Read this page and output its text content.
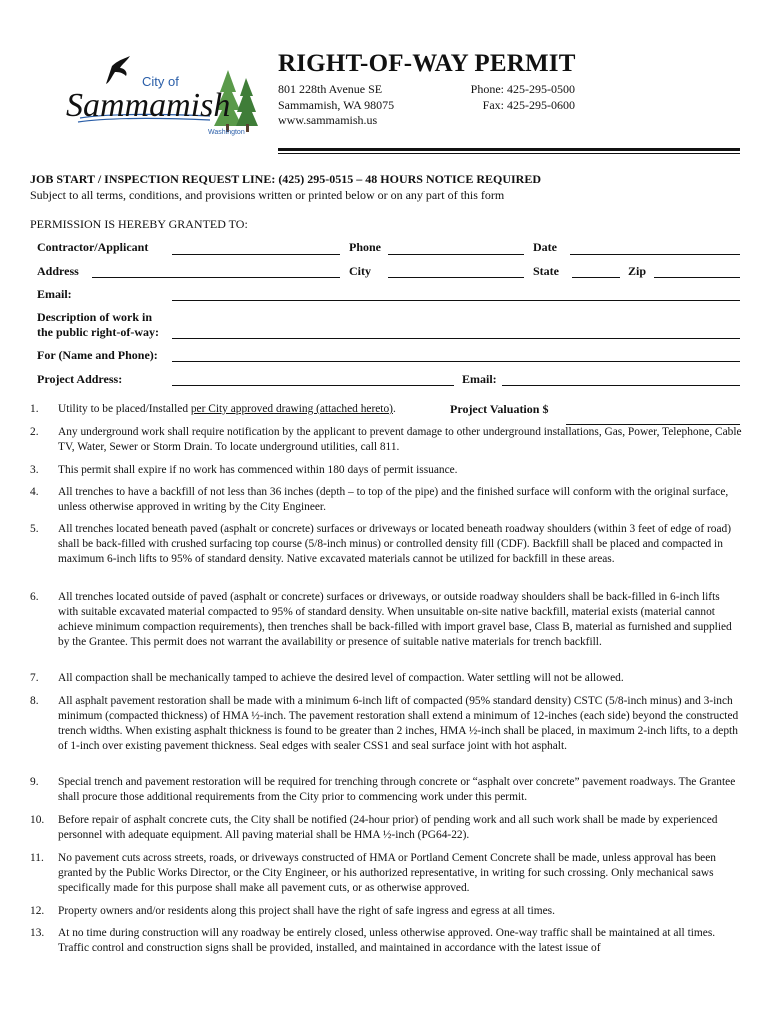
City of
Sammamish
Washington
RIGHT-OF-WAY PERMIT
801 228th Avenue SE
Sammamish, WA 98075
www.sammamish.us
Phone: 425-295-0500
Fax: 425-295-0600
JOB START / INSPECTION REQUEST LINE: (425) 295-0515 – 48 HOURS NOTICE REQUIRED
Subject to all terms, conditions, and provisions written or printed below or on any part of this form
PERMISSION IS HEREBY GRANTED TO:
Contractor/Applicant	Phone	Date
Address	City	State	Zip
Email:
Description of work in
the public right-of-way:
For (Name and Phone):
Project Address:	Email:
1.	Utility to be placed/Installed per City approved drawing (attached hereto).	Project Valuation $
2.	Any underground work shall require notification by the applicant to prevent damage to other underground installations, Gas, Power, Telephone, Cable TV, Water, Sewer or Storm Drain. To locate underground utilities, call 811.
3.	This permit shall expire if no work has commenced within 180 days of permit issuance.
4.	All trenches to have a backfill of not less than 36 inches (depth – to top of the pipe) and the finished surface will conform with the original surface, unless otherwise approved in writing by the City Engineer.
5.	All trenches located beneath paved (asphalt or concrete) surfaces or driveways or located beneath roadway shoulders (within 3 feet of edge of road) shall be back-filled with crushed surfacing top course (5/8-inch minus) or controlled density fill (CDF). Backfill shall be placed and compacted in maximum 6-inch lifts to 95% of standard density. Native excavated materials cannot be utilized for backfill in these areas.
6.	All trenches located outside of paved (asphalt or concrete) surfaces or driveways, or outside roadway shoulders shall be back-filled in 6-inch lifts with suitable excavated material compacted to 95% of standard density. When unsuitable on-site native backfill, material exists (material cannot achieve minimum compaction requirements), then trenches shall be back-filled with import gravel base, Class B, material as furnished and supplied by the Grantee. This permit does not warrant the availability or presence of suitable native materials for trench backfill.
7.	All compaction shall be mechanically tamped to achieve the desired level of compaction. Water settling will not be allowed.
8.	All asphalt pavement restoration shall be made with a minimum 6-inch lift of compacted (95% standard density) CSTC (5/8-inch minus) and 3-inch minimum (compacted thickness) of HMA ½-inch. The pavement restoration shall extend a minimum of 12-inches (each side) beyond the constructed trench widths. When existing asphalt thickness is found to be greater than 2 inches, HMA ½-inch shall be placed, in maximum 2-inch lifts, to a depth of 1-inch over existing pavement thickness. Seal edges with sealer CSS1 and seal surface joint with hot asphalt.
9.	Special trench and pavement restoration will be required for trenching through concrete or “asphalt over concrete” pavement roadways. The Grantee shall procure those additional requirements from the City prior to commencing work under this permit.
10.	Before repair of asphalt concrete cuts, the City shall be notified (24-hour prior) of pending work and all such work shall be made by experienced personnel with adequate equipment. All paving material shall be HMA ½-inch (PG64-22).
11.	No pavement cuts across streets, roads, or driveways constructed of HMA or Portland Cement Concrete shall be made, unless approval has been granted by the Public Works Director, or the City Engineer, or his authorized representative, in writing for such crossing. Only mechanical saws specifically made for this purpose shall make all pavement cuts, or as otherwise approved.
12.	Property owners and/or residents along this project shall have the right of safe ingress and egress at all times.
13.	At no time during construction will any roadway be entirely closed, unless otherwise approved. One-way traffic shall be maintained at all times. Traffic control and construction signs shall be provided, installed, and maintained in accordance with the latest issue of
